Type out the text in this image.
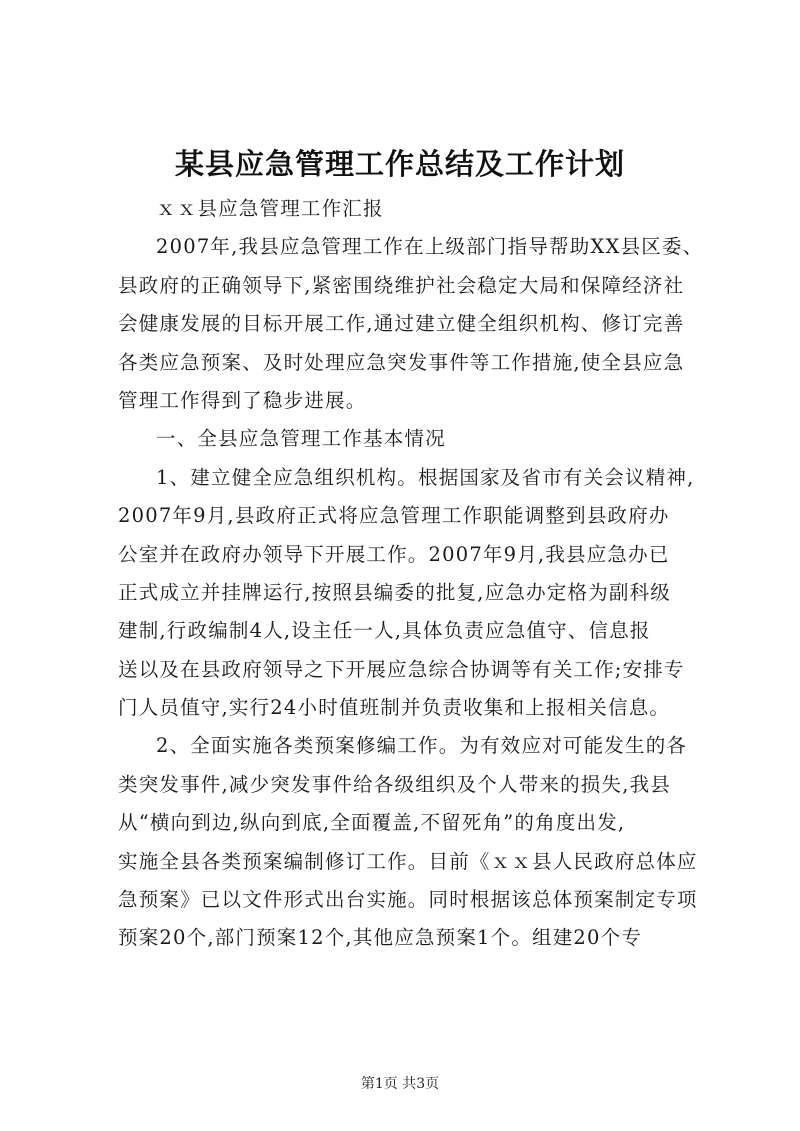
某县应急管理工作总结及工作计划
ｘｘ县应急管理工作汇报
2007年,我县应急管理工作在上级部门指导帮助XX县区委、
县政府的正确领导下,紧密围绕维护社会稳定大局和保障经济社
会健康发展的目标开展工作,通过建立健全组织机构、修订完善
各类应急预案、及时处理应急突发事件等工作措施,使全县应急
管理工作得到了稳步进展。
一、全县应急管理工作基本情况
1、建立健全应急组织机构。根据国家及省市有关会议精神,
2007年9月,县政府正式将应急管理工作职能调整到县政府办
公室并在政府办领导下开展工作。2007年9月,我县应急办已
正式成立并挂牌运行,按照县编委的批复,应急办定格为副科级
建制,行政编制4人,设主任一人,具体负责应急值守、信息报
送以及在县政府领导之下开展应急综合协调等有关工作;安排专
门人员值守,实行24小时值班制并负责收集和上报相关信息。
2、全面实施各类预案修编工作。为有效应对可能发生的各
类突发事件,减少突发事件给各级组织及个人带来的损失,我县
从“横向到边,纵向到底,全面覆盖,不留死角”的角度出发,
实施全县各类预案编制修订工作。目前《ｘｘ县人民政府总体应
急预案》已以文件形式出台实施。同时根据该总体预案制定专项
预案20个,部门预案12个,其他应急预案1个。组建20个专
第1页 共3页
